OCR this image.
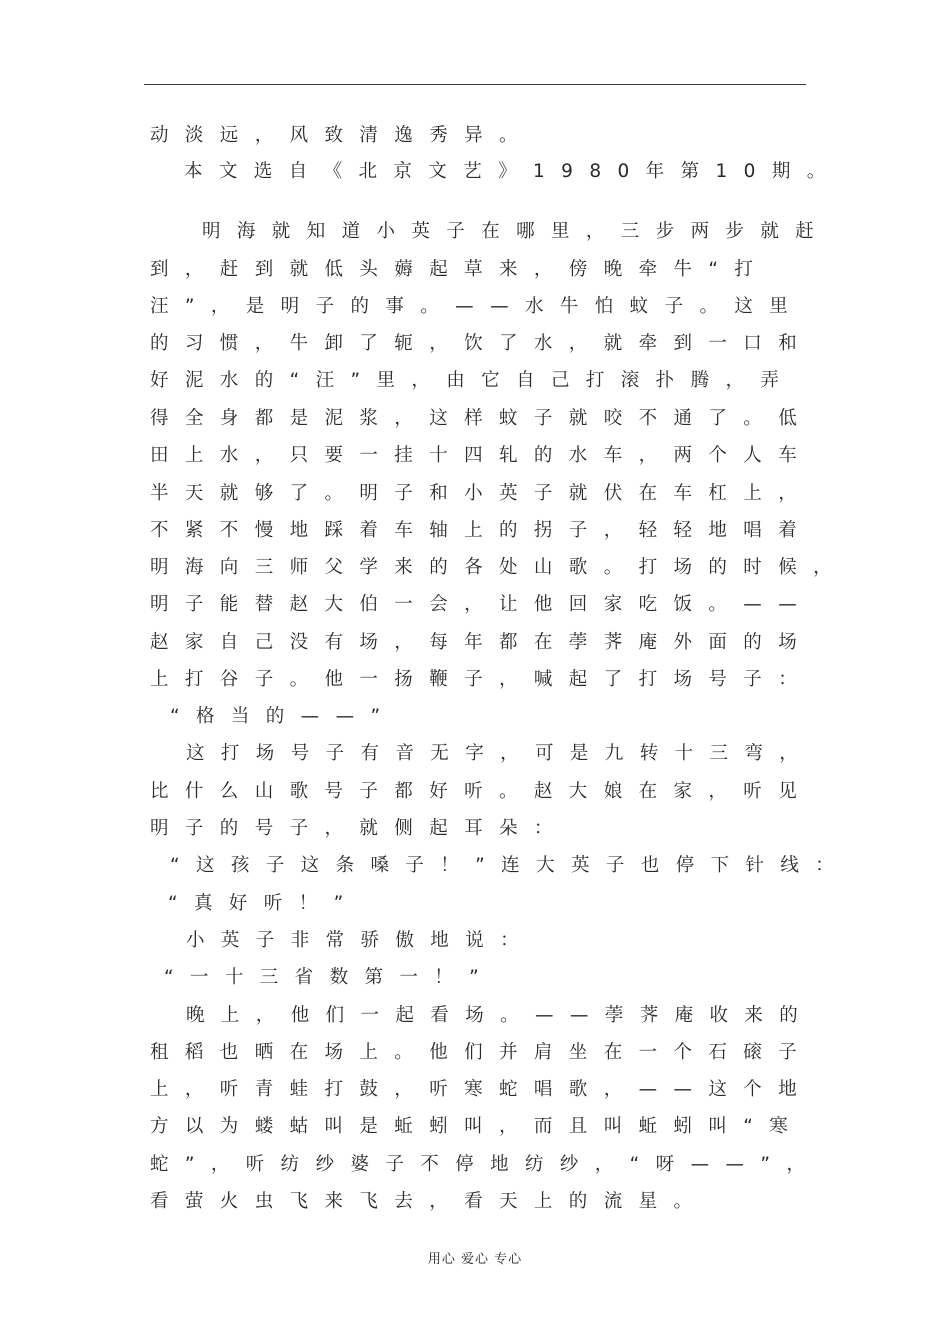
动淡远，风致清逸秀异。
本文选自《北京文艺》1980年第10期。
明海就知道小英子在哪里，三步两步就赶
到，赶到就低头薅起草来，傍晚牵牛“打
汪”，是明子的事。——水牛怕蚊子。这里
的习惯，牛卸了轭，饮了水，就牵到一口和
好泥水的“汪”里，由它自己打滚扑腾，弄
得全身都是泥浆，这样蚊子就咬不通了。低
田上水，只要一挂十四轧的水车，两个人车
半天就够了。明子和小英子就伏在车杠上，
不紧不慢地踩着车轴上的拐子，轻轻地唱着
明海向三师父学来的各处山歌。打场的时候，
明子能替赵大伯一会，让他回家吃饭。——
赵家自己没有场，每年都在荸荠庵外面的场
上打谷子。他一扬鞭子，喊起了打场号子：
“格当的——”
这打场号子有音无字，可是九转十三弯，
比什么山歌号子都好听。赵大娘在家，听见
明子的号子，就侧起耳朵：
“这孩子这条嗓子！”连大英子也停下针线：
“真好听！”
小英子非常骄傲地说：
“一十三省数第一！”
晚上，他们一起看场。——荸荠庵收来的
租稻也晒在场上。他们并肩坐在一个石磙子
上，听青蛙打鼓，听寒蛇唱歌，——这个地
方以为蝼蛄叫是蚯蚓叫，而且叫蚯蚓叫“寒
蛇”，听纺纱婆子不停地纺纱，“呀——”，
看萤火虫飞来飞去，看天上的流星。
用心 爱心 专心
